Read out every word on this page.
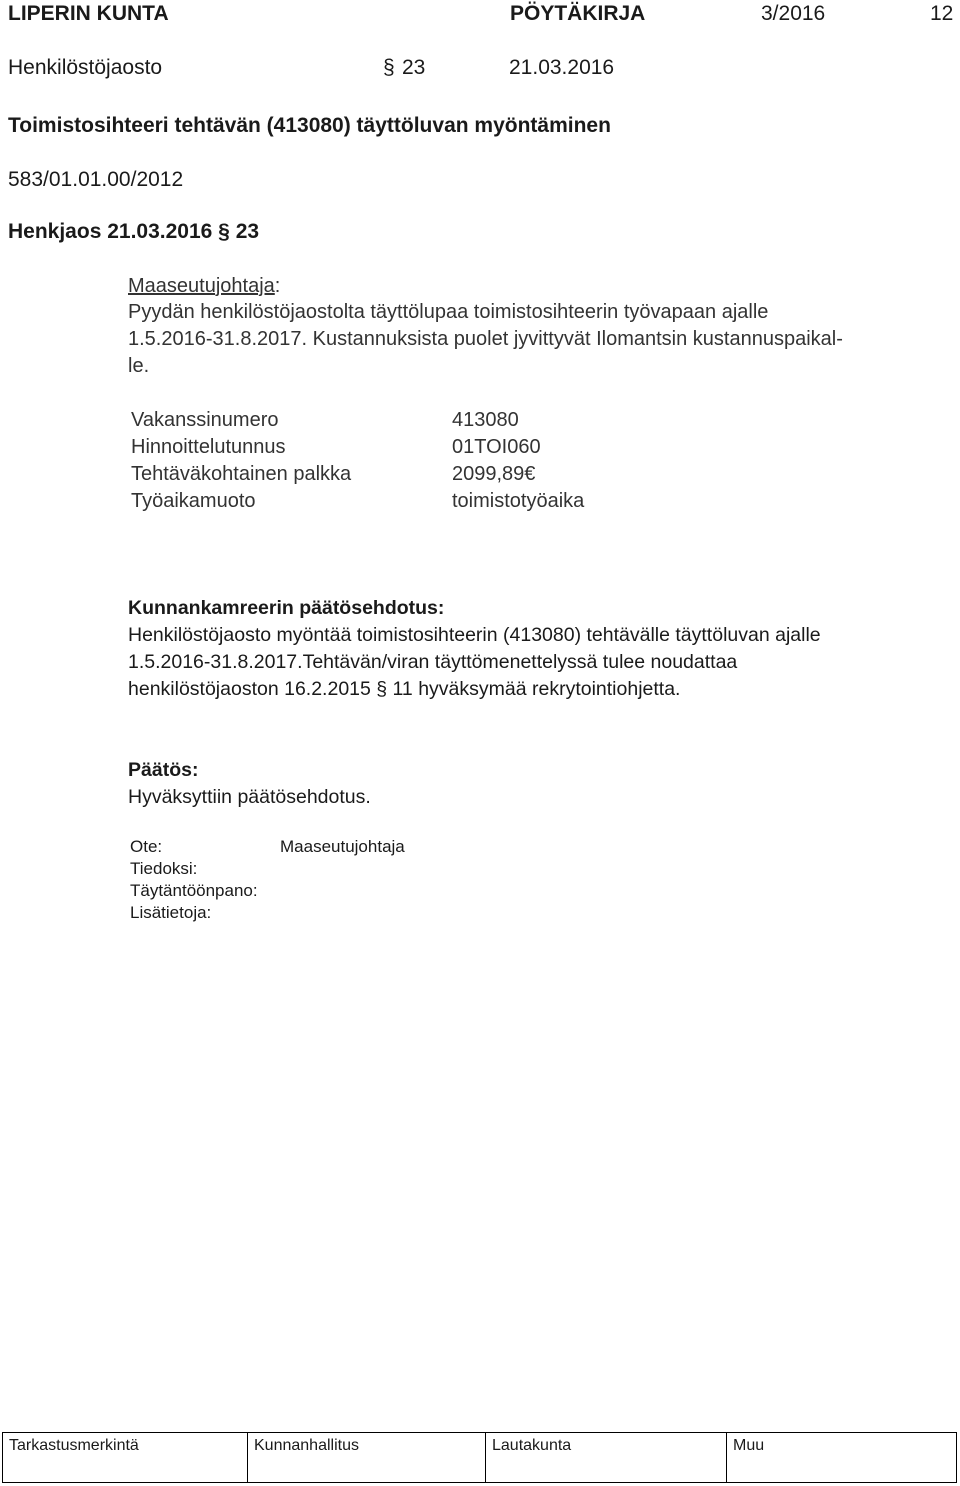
LIPERIN KUNTA	PÖYTÄKIRJA	3/2016	12
Henkilöstöjaosto	§ 23	21.03.2016
Toimistosihteeri tehtävän (413080) täyttöluvan myöntäminen
583/01.01.00/2012
Henkjaos 21.03.2016 § 23
Maaseutujohtaja:
Pyydän henkilöstöjaostolta täyttölupaa toimistosihteerin työvapaan ajalle
1.5.2016-31.8.2017. Kustannuksista puolet jyvittyvät Ilomantsin kustannuspaikal-
le.
Vakanssinumero	413080
Hinnoittelutunnus	01TOI060
Tehtäväkohtainen palkka	2099,89€
Työaikamuoto	toimistotyöaika
Kunnankamreerin päätösehdotus:
Henkilöstöjaosto myöntää toimistosihteerin (413080) tehtävälle täyttöluvan ajalle
1.5.2016-31.8.2017.Tehtävän/viran täyttömenettelyssä tulee noudattaa
henkilöstöjaoston 16.2.2015 § 11 hyväksymää rekrytointiohjetta.
Päätös:
Hyväksyttiin päätösehdotus.
Ote:	Maaseutujohtaja
Tiedoksi:
Täytäntöönpano:
Lisätietoja:
Tarkastusmerkintä	Kunnanhallitus	Lautakunta	Muu
